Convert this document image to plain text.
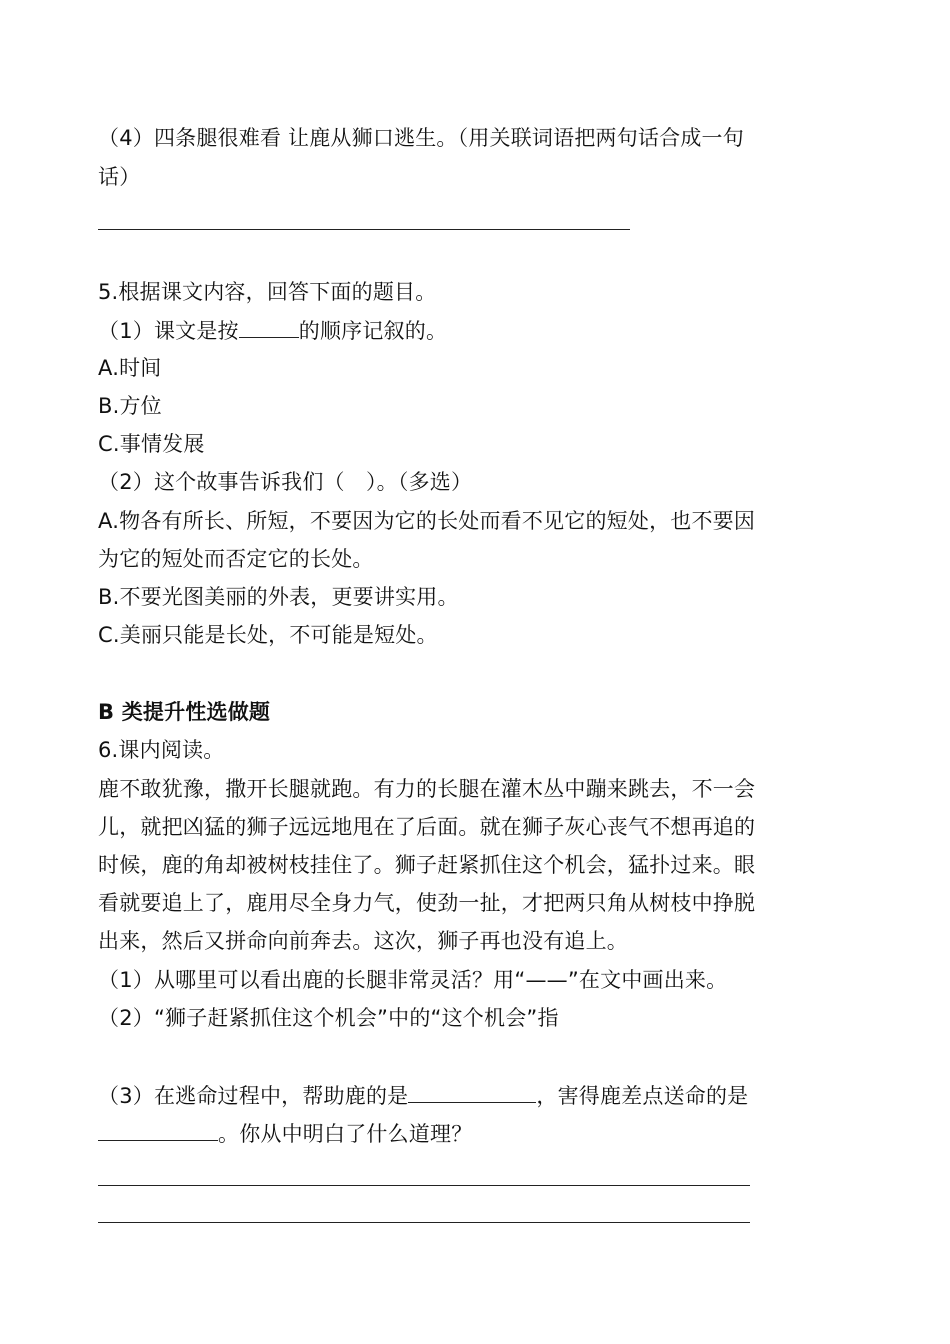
（4）四条腿很难看 让鹿从狮口逃生。（用关联词语把两句话合成一句
话）
5.根据课文内容，回答下面的题目。
（1）课文是按	的顺序记叙的。
A.时间
B.方位
C.事情发展
（2）这个故事告诉我们（　）。（多选）
A.物各有所长、所短，不要因为它的长处而看不见它的短处，也不要因
为它的短处而否定它的长处。
B.不要光图美丽的外表，更要讲实用。
C.美丽只能是长处，不可能是短处。
B 类提升性选做题
6.课内阅读。
鹿不敢犹豫，撒开长腿就跑。有力的长腿在灌木丛中蹦来跳去，不一会
儿，就把凶猛的狮子远远地甩在了后面。就在狮子灰心丧气不想再追的
时候，鹿的角却被树枝挂住了。狮子赶紧抓住这个机会，猛扑过来。眼
看就要追上了，鹿用尽全身力气，使劲一扯，才把两只角从树枝中挣脱
出来，然后又拼命向前奔去。这次，狮子再也没有追上。
（1）从哪里可以看出鹿的长腿非常灵活？用“——”在文中画出来。
（2）“狮子赶紧抓住这个机会”中的“这个机会”指
（3）在逃命过程中，帮助鹿的是	，害得鹿差点送命的是
。你从中明白了什么道理？
